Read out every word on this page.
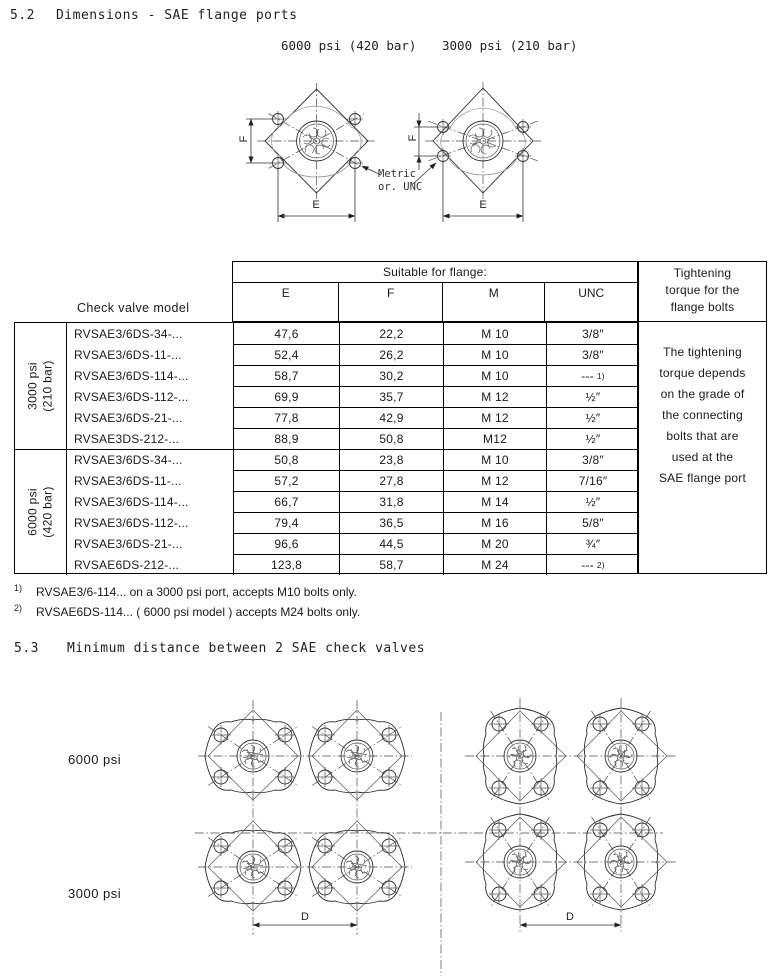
5.2 Dimensions - SAE flange ports
6000 psi (420 bar) 3000 psi (210 bar)
F
E
F
E
Metric
or. UNC
Check valve model
Suitable for flange:
E	F	M	UNC
Tightening
torque for the
flange bolts
The tightening
torque depends
on the grade of
the connecting
bolts that are
used at the
SAE flange port
3000 psi (210 bar)
RVSAE3/6DS-34-...	47,6	22,2	M 10	3/8″
RVSAE3/6DS-11-...	52,4	26,2	M 10	3/8″
RVSAE3/6DS-114-...	58,7	30,2	M 10	--- 1)
RVSAE3/6DS-112-...	69,9	35,7	M 12	½″
RVSAE3/6DS-21-...	77,8	42,9	M 12	½″
RVSAE3DS-212-...	88,9	50,8	M12	½″
6000 psi (420 bar)
RVSAE3/6DS-34-...	50,8	23,8	M 10	3/8″
RVSAE3/6DS-11-...	57,2	27,8	M 12	7/16″
RVSAE3/6DS-114-...	66,7	31,8	M 14	½″
RVSAE3/6DS-112-...	79,4	36,5	M 16	5/8″
RVSAE3/6DS-21-...	96,6	44,5	M 20	¾″
RVSAE6DS-212-...	123,8	58,7	M 24	--- 2)
$^{1)}$ RVSAE3/6-114... on a 3000 psi port, accepts M10 bolts only.
$^{2)}$ RVSAE6DS-114... ( 6000 psi model ) accepts M24 bolts only.
5.3 Minimum distance between 2 SAE check valves
6000 psi
3000 psi
D	D
